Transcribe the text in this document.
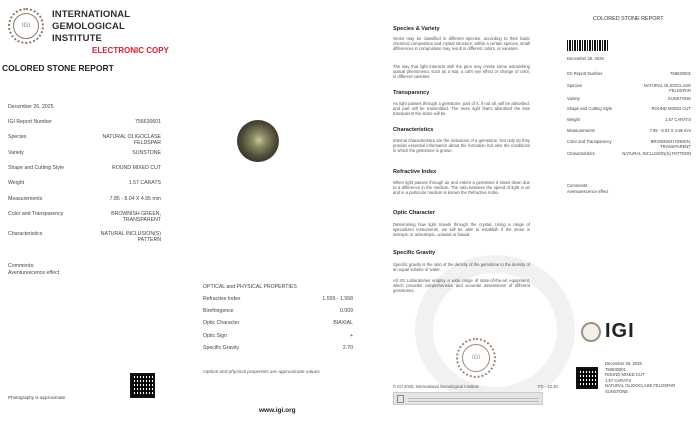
IGI
INTERNATIONAL
GEMOLOGICAL
INSTITUTE
ELECTRONIC COPY
COLORED STONE REPORT
December 26, 2025
IGI Report Number	756630601
Species	NATURAL OLIGOCLASE FELDSPAR
Variety	SUNSTONE
Shape and Cutting Style	ROUND MIXED CUT
Weight	1.57 CARATS
Measurements	7.85 - 8.04 X 4.95 mm
Color and Transparency	BROWNISH GREEN, TRANSPARENT
Characteristics	NATURAL INCLUSION(S) PATTERN
Comments:
Aventurescence effect
Photography is approximate
OPTICAL and PHYSICAL PROPERTIES
Refractive Index	1.559 - 1.568
Birefringence	0.009
Optic Character	BIAXIAL
Optic Sign	+
Specific Gravity	2.70
Optical and physical properties are approximate values
www.igi.org
Species & Variety
Gems may be classified in different species, according to their basic chemical composition and crystal structure; within a certain species, small differences in composition may result in different colors, or varieties.
The way that light interacts with the gem may create some astonishing optical phenomena, such as a star, a cat's eye effect or change of color, in different varieties.
Transparency
As light passes through a gemstone, part of it, if not all, will be absorbed, and part will be transmitted. The more light that's absorbed the less transparent the stone will be.
Characteristics
Internal characteristics are the inclusions of a gemstone. Not only do they provide essential information about the formation but also the conditions in which the gemstone is grown.
Refractive Index
When light passes through air and enters a gemstone it slows down due to a difference in the medium. The ratio between the speed of light in air and in a particular medium is known the Refractive Index.
Optic Character
Determining how light travels through the crystal. Using a range of specialized instruments, we will be able to establish if the stone is isotropic or anisotropic, uniaxial or biaxial.
Specific Gravity
Specific gravity is the ratio of the density of the gemstone to the density of an equal volume of water.
All IGI Laboratories employ a wide range of state-of-the-art equipment, which provides comprehensive and accurate assessment of different gemstones.
IGI
© IGI 2020, International Gemological Institute	FD - 10.30
COLORED STONE REPORT
December 26, 2025
IGI Report Number	756630601
Species	NATURAL OLIGOCLASE FELDSPAR
Variety	SUNSTONE
Shape and Cutting Style	ROUND MIXED CUT
Weight	1.57 CARATS
Measurements	7.85 - 8.04 X 4.95 mm
Color and Transparency	BROWNISH GREEN, TRANSPARENT
Characteristics	NATURAL INCLUSION(S) PATTERN
Comments:
Aventurescence effect
IGI
December 26, 2025
756630601
ROUND MIXED CUT
1.57 CARATS
NATURAL OLIGOCLASE FELDSPAR
SUNSTONE
